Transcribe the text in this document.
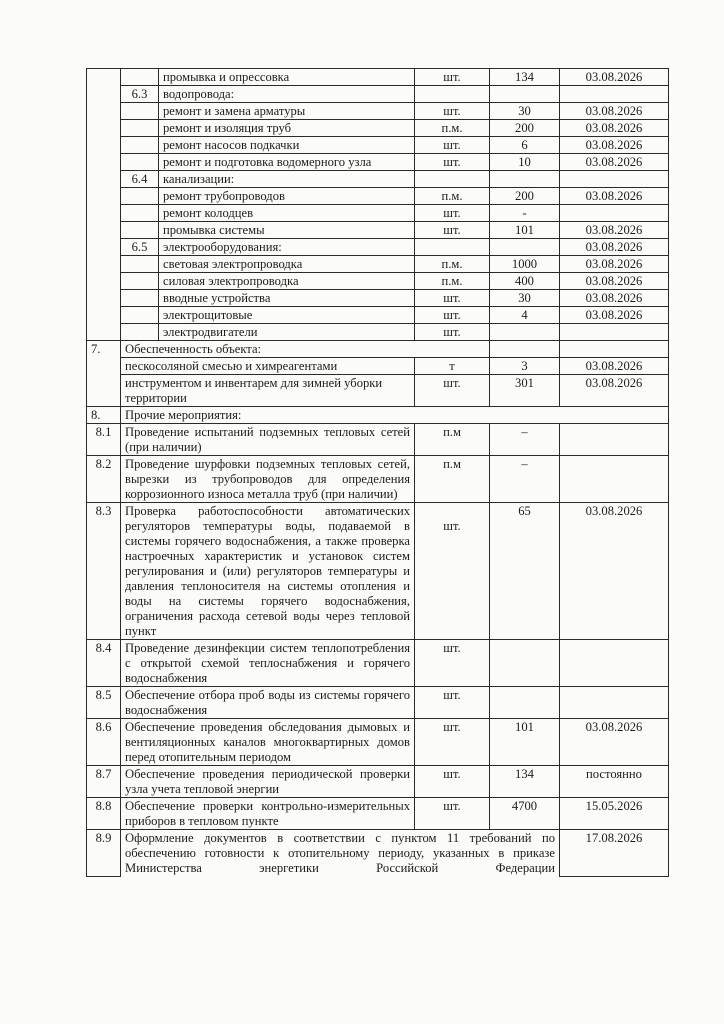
		промывка и опрессовка	шт.	134	03.08.2026
	6.3	водопровода:			
		ремонт и замена арматуры	шт.	30	03.08.2026
		ремонт и изоляция труб	п.м.	200	03.08.2026
		ремонт насосов подкачки	шт.	6	03.08.2026
		ремонт и подготовка водомерного узла	шт.	10	03.08.2026
	6.4	канализации:			
		ремонт трубопроводов	п.м.	200	03.08.2026
		ремонт колодцев	шт.	-	
		промывка системы	шт.	101	03.08.2026
	6.5	электрооборудования:			03.08.2026
		световая электропроводка	п.м.	1000	03.08.2026
		силовая электропроводка	п.м.	400	03.08.2026
		вводные устройства	шт.	30	03.08.2026
		электрощитовые	шт.	4	03.08.2026
		электродвигатели	шт.		
7.	Обеспеченность объекта:				
	пескосоляной смесью и химреагентами		т	3	03.08.2026
	инструментом и инвентарем для зимней уборки территории		шт.	301	03.08.2026
8.	Прочие мероприятия:				
8.1	Проведение испытаний подземных тепловых сетей (при наличии)		п.м	–	
8.2	Проведение шурфовки подземных тепловых сетей, вырезки из трубопроводов для определения коррозионного износа металла труб (при наличии)		п.м	–	
8.3	Проверка работоспособности автоматических регуляторов температуры воды, подаваемой в системы горячего водоснабжения, а также проверка настроечных характеристик и установок систем регулирования и (или) регуляторов температуры и давления теплоносителя на системы отопления и воды на системы горячего водоснабжения, ограничения расхода сетевой воды через тепловой пункт		шт.	65	03.08.2026
8.4	Проведение дезинфекции систем теплопотребления с открытой схемой теплоснабжения и горячего водоснабжения		шт.		
8.5	Обеспечение отбора проб воды из системы горячего водоснабжения		шт.		
8.6	Обеспечение проведения обследования дымовых и вентиляционных каналов многоквартирных домов перед отопительным периодом		шт.	101	03.08.2026
8.7	Обеспечение проведения периодической проверки узла учета тепловой энергии		шт.	134	постоянно
8.8	Обеспечение проверки контрольно-измерительных приборов в тепловом пункте		шт.	4700	15.05.2026
8.9	Оформление документов в соответствии с пунктом 11 требований по обеспечению готовности к отопительному периоду, указанных в приказе Министерства энергетики Российской Федерации				17.08.2026
